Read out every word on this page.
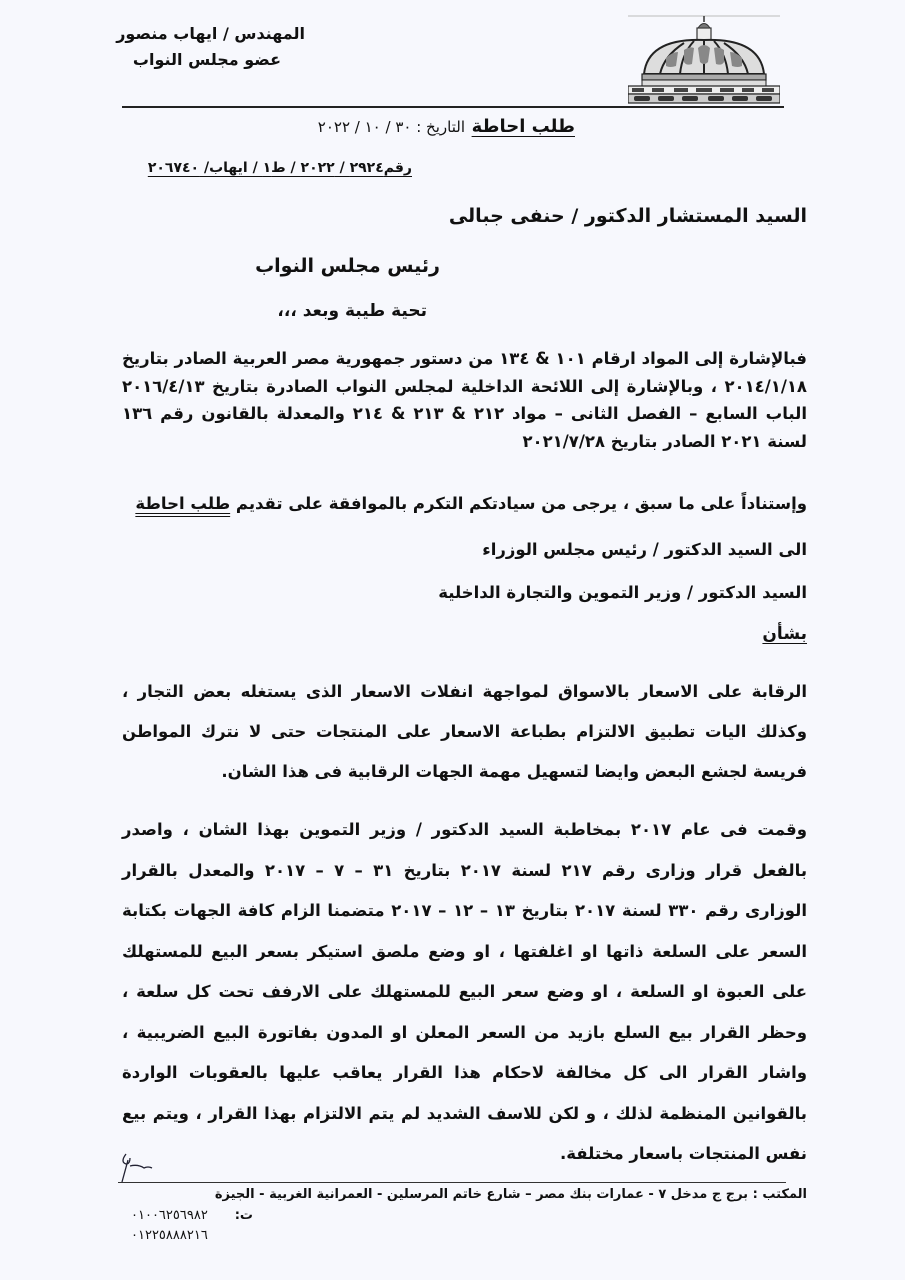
المهندس / ايهاب منصور
عضو مجلس النواب
طلب احاطة
التاريخ : ٣٠ / ١٠ / ٢٠٢٢
رقم٢٩٢٤ / ٢٠٢٢ / ط١ / ايهاب/ ٢٠٦٧٤٠
السيد المستشار الدكتور / حنفى جبالى
رئيس مجلس النواب
تحية طيبة وبعد ،،،
فبالإشارة إلى المواد ارقام ١٠١ & ١٣٤ من دستور جمهورية مصر العربية الصادر بتاريخ ٢٠١٤/١/١٨ ، وبالإشارة إلى اللائحة الداخلية لمجلس النواب الصادرة بتاريخ ٢٠١٦/٤/١٣ الباب السابع – الفصل الثانى – مواد ٢١٢ & ٢١٣ & ٢١٤ والمعدلة بالقانون رقم ١٣٦ لسنة ٢٠٢١ الصادر بتاريخ ٢٠٢١/٧/٢٨
وإستناداً على ما سبق ، يرجى من سيادتكم التكرم بالموافقة على تقديم طلب احاطة
الى السيد الدكتور / رئيس مجلس الوزراء
السيد الدكتور / وزير التموين والتجارة الداخلية
بشأن
الرقابة على الاسعار بالاسواق لمواجهة انفلات الاسعار الذى يستغله بعض التجار ، وكذلك اليات تطبيق الالتزام بطباعة الاسعار على المنتجات حتى لا نترك المواطن فريسة لجشع البعض وايضا لتسهيل مهمة الجهات الرقابية فى هذا الشان.
وقمت فى عام ٢٠١٧ بمخاطبة السيد الدكتور / وزير التموين بهذا الشان ، واصدر بالفعل قرار وزارى رقم ٢١٧ لسنة ٢٠١٧ بتاريخ ٣١ – ٧ – ٢٠١٧ والمعدل بالقرار الوزارى رقم ٣٣٠ لسنة ٢٠١٧ بتاريخ ١٣ – ١٢ – ٢٠١٧ متضمنا الزام كافة الجهات بكتابة السعر على السلعة ذاتها او اغلفتها ، او وضع ملصق استيكر بسعر البيع للمستهلك على العبوة او السلعة ، او وضع سعر البيع للمستهلك على الارفف تحت كل سلعة ، وحظر القرار بيع السلع بازيد من السعر المعلن او المدون بفاتورة البيع الضريبية ، واشار القرار الى كل مخالفة لاحكام هذا القرار يعاقب عليها بالعقوبات الواردة بالقوانين المنظمة لذلك ، و لكن للاسف الشديد لم يتم الالتزام بهذا القرار ، ويتم بيع نفس المنتجات باسعار مختلفة.
المكتب : برج ج مدخل ٧ - عمارات بنك مصر – شارع خاتم المرسلين - العمرانية الغربية - الجيزة
ت:
٠١٠٠٦٢٥٦٩٨٢
٠١٢٢٥٨٨٨٢١٦
